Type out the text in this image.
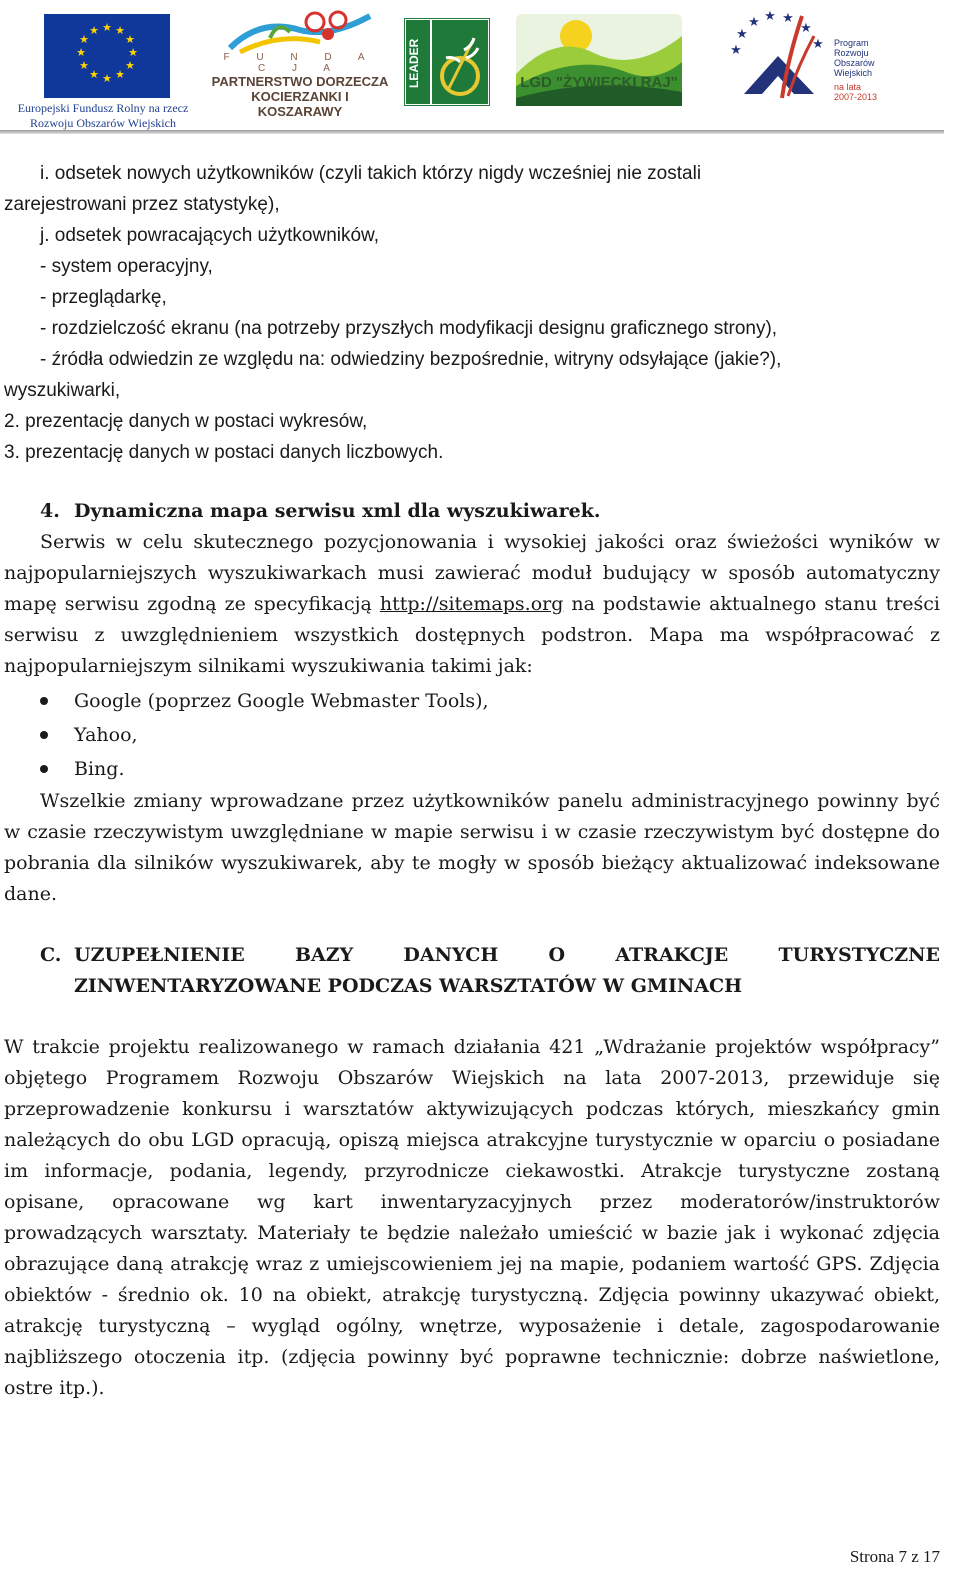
★ ★
★
★
★
★
★
★
★
★
★
★
Europejski Fundusz Rolny na rzecz
Rozwoju Obszarów Wiejskich
F U N D A C J A
PARTNERSTWO DORZECZA
KOCIERZANKI I KOSZARAWY
LEADER	LGD "ŻYWIECKI RAJ"
★
★
★ ★ ★
★
★ Program
Rozwoju
Obszarów
Wiejskich
na lata 2007-2013
i. odsetek nowych użytkowników (czyli takich którzy nigdy wcześniej nie zostali
zarejestrowani przez statystykę),
j. odsetek powracających użytkowników,
- system operacyjny,
- przeglądarkę,
- rozdzielczość ekranu (na potrzeby przyszłych modyfikacji designu graficznego strony),
- źródła odwiedzin ze względu na: odwiedziny bezpośrednie, witryny odsyłające (jakie?),
wyszukiwarki,
2. prezentację danych w postaci wykresów,
3. prezentację danych w postaci danych liczbowych.
4. Dynamiczna mapa serwisu xml dla wyszukiwarek.

Serwis w celu skutecznego pozycjonowania i wysokiej jakości oraz świeżości wyników w najpopularniejszych wyszukiwarkach musi zawierać moduł budujący w sposób automatyczny mapę serwisu zgodną ze specyfikacją http://sitemaps.org na podstawie aktualnego stanu treści serwisu z uwzględnieniem wszystkich dostępnych podstron. Mapa ma współpracować z najpopularniejszym silnikami wyszukiwania takimi jak:

Google (poprzez Google Webmaster Tools),
Yahoo,
Bing.

Wszelkie zmiany wprowadzane przez użytkowników panelu administracyjnego powinny być w czasie rzeczywistym uwzględniane w mapie serwisu i w czasie rzeczywistym być dostępne do pobrania dla silników wyszukiwarek, aby te mogły w sposób bieżący aktualizować indeksowane dane.

C. UZUPEŁNIENIE	BAZY	DANYCH	O	ATRAKCJE	TURYSTYCZNE
ZINWENTARYZOWANE PODCZAS WARSZTATÓW W GMINACH

W trakcie projektu realizowanego w ramach działania 421 „Wdrażanie projektów współpracy” objętego Programem Rozwoju Obszarów Wiejskich na lata 2007-2013, przewiduje się przeprowadzenie konkursu i warsztatów aktywizujących podczas których, mieszkańcy gmin należących do obu LGD opracują, opiszą miejsca atrakcyjne turystycznie w oparciu o posiadane im informacje, podania, legendy, przyrodnicze ciekawostki. Atrakcje turystyczne zostaną opisane, opracowane wg kart inwentaryzacyjnych przez moderatorów/instruktorów prowadzących warsztaty. Materiały te będzie należało umieścić w bazie jak i wykonać zdjęcia obrazujące daną atrakcję wraz z umiejscowieniem jej na mapie, podaniem wartość GPS. Zdjęcia obiektów - średnio ok. 10 na obiekt, atrakcję turystyczną. Zdjęcia powinny ukazywać obiekt, atrakcję turystyczną – wygląd ogólny, wnętrze, wyposażenie i detale, zagospodarowanie najbliższego otoczenia itp. (zdjęcia powinny być poprawne technicznie: dobrze naświetlone, ostre itp.).

Strona 7 z 17
